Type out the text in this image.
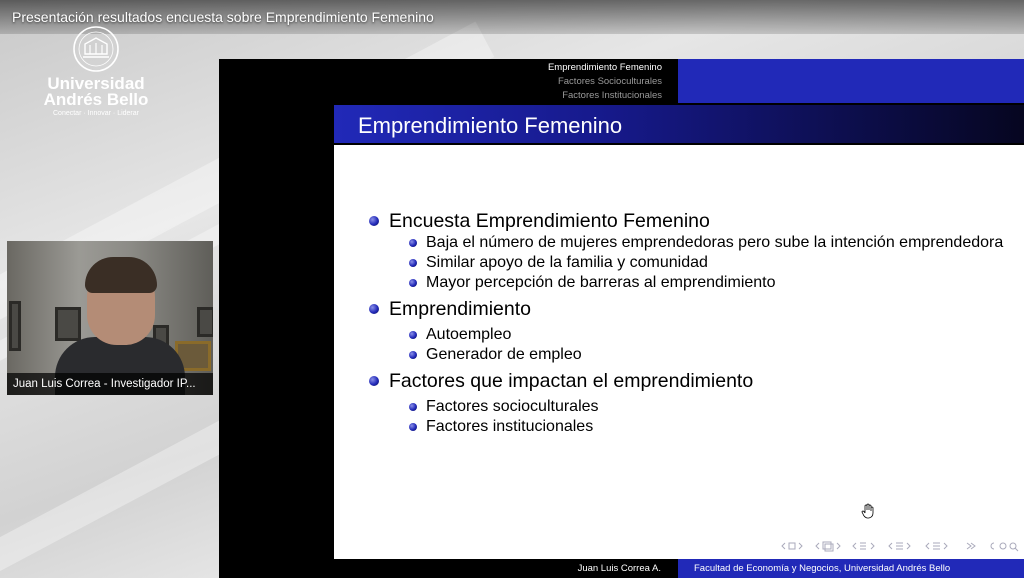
Presentación resultados encuesta sobre Emprendimiento Femenino
Universidad
Andrés Bello
Conectar · Innovar · Liderar
Juan Luis Correa - Investigador IP...
Emprendimiento Femenino
Factores Socioculturales
Factores Institucionales
Emprendimiento Femenino
Encuesta Emprendimiento Femenino
Baja el número de mujeres emprendedoras pero sube la intención emprendedora
Similar apoyo de la familia y comunidad
Mayor percepción de barreras al emprendimiento
Emprendimiento
Autoempleo
Generador de empleo
Factores que impactan el emprendimiento
Factores socioculturales
Factores institucionales
Juan Luis Correa A.	Facultad de Economía y Negocios, Universidad Andrés Bello
